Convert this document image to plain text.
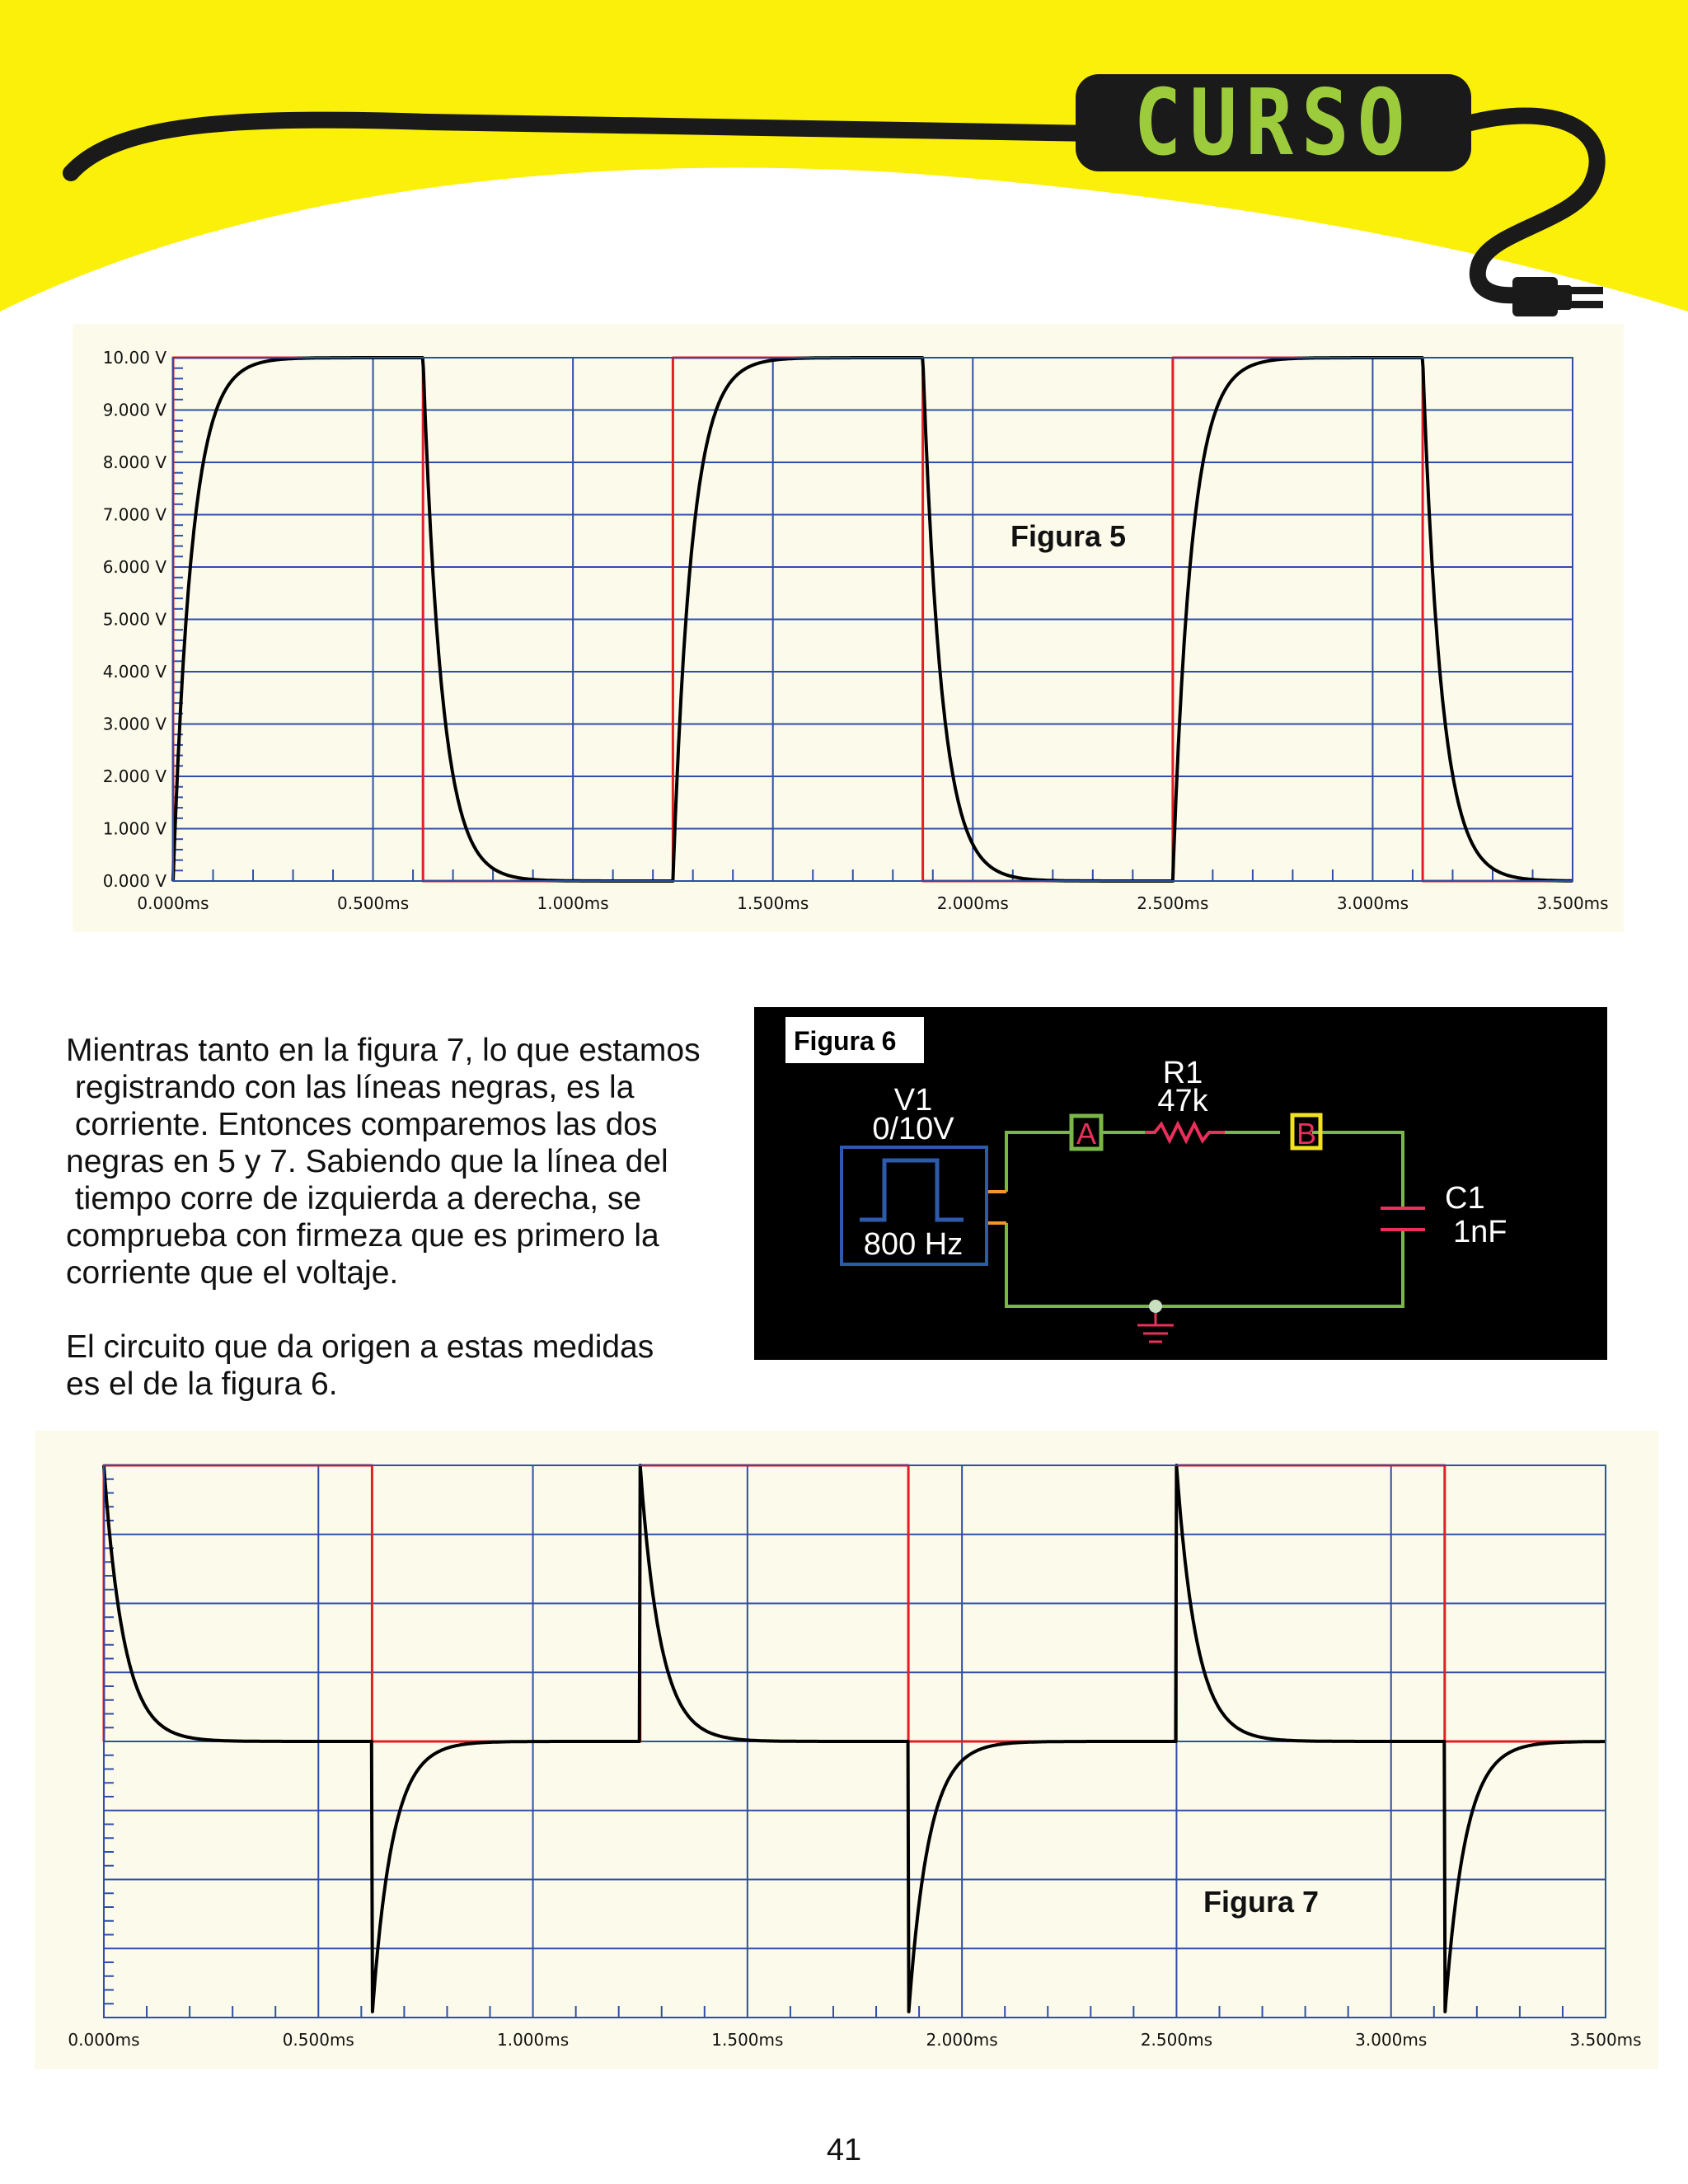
CURSO
0.000ms	0.500ms	1.000ms	1.500ms	2.000ms	2.500ms	3.000ms	3.500ms
0.000 V
1.000 V
2.000 V
3.000 V
4.000 V
5.000 V
6.000 V
7.000 V
8.000 V
9.000 V
10.00 V
Figura 5

Mientras tanto en la figura 7, lo que estamos
registrando con las líneas negras, es la
corriente. Entonces comparemos las dos
negras en 5 y 7. Sabiendo que la línea del
tiempo corre de izquierda a derecha, se
comprueba con firmeza que es primero la
corriente que el voltaje.

El circuito que da origen a estas medidas
es el de la figura 6.

Figura 6
V1
0/10V
800 Hz
A
R1
47k
B
C1
1nF
0.000ms	0.500ms	1.000ms	1.500ms	2.000ms	2.500ms	3.000ms	3.500ms
Figura 7
41
